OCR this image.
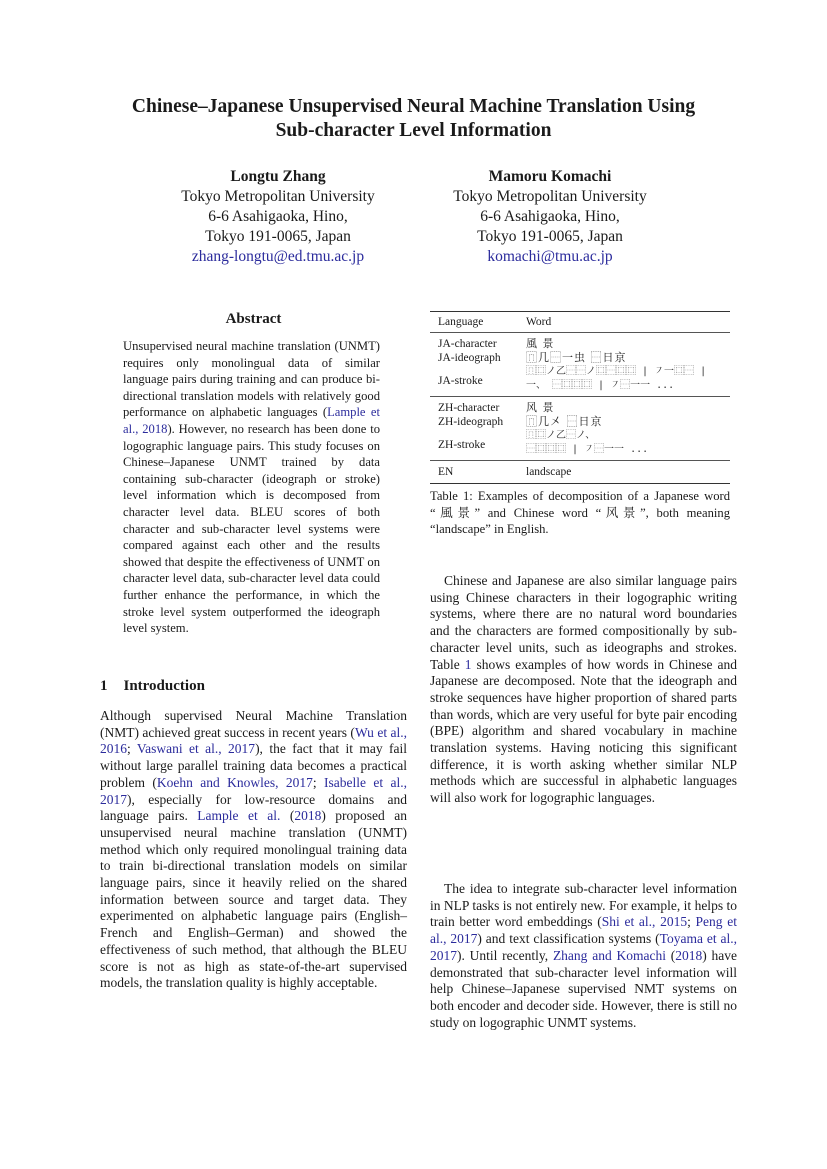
Chinese–Japanese Unsupervised Neural Machine Translation Using
Sub-character Level Information
Longtu Zhang
Tokyo Metropolitan University
6-6 Asahigaoka, Hino,
Tokyo 191-0065, Japan
zhang-longtu@ed.tmu.ac.jp
Mamoru Komachi
Tokyo Metropolitan University
6-6 Asahigaoka, Hino,
Tokyo 191-0065, Japan
komachi@tmu.ac.jp
Abstract
Unsupervised neural machine translation (UNMT) requires only monolingual data of similar language pairs during training and can produce bi-directional translation models with relatively good performance on alphabetic languages (Lample et al., 2018). However, no research has been done to logographic language pairs. This study focuses on Chinese–Japanese UNMT trained by data containing sub-character (ideograph or stroke) level information which is decomposed from character level data. BLEU scores of both character and sub-character level systems were compared against each other and the results showed that despite the effectiveness of UNMT on character level data, sub-character level data could further enhance the performance, in which the stroke level system outperformed the ideograph level system.
1 Introduction

Although supervised Neural Machine Translation (NMT) achieved great success in recent years (Wu et al., 2016; Vaswani et al., 2017), the fact that it may fail without large parallel training data becomes a practical problem (Koehn and Knowles, 2017; Isabelle et al., 2017), especially for low-resource domains and language pairs. Lample et al. (2018) proposed an unsupervised neural machine translation (UNMT) method which only required monolingual training data to train bi-directional translation models on similar language pairs, since it heavily relied on the shared information between source and target data. They experimented on alphabetic language pairs (English–French and English–German) and showed the effectiveness of such method, that although the BLEU score is not as high as state-of-the-art supervised models, the translation quality is highly acceptable.

Language	Word
JA-character	風 景
JA-ideograph	⿵几⿱一虫 ⿱日京
JA-stroke	⿵⿴ノ乙⿱⿱ノ⿴⿱⿴⿴ | ㇇一⿴⿱ |
	一、 ⿱⿴⿴⿴ | ㇇⿱一一 ...
ZH-character	风 景
ZH-ideograph	⿵几㐅 ⿱日京
ZH-stroke	⿵⿴ノ乙⿱ノ、
	⿱⿴⿴⿴ | ㇇⿱一一 ...
EN	landscape
Table 1: Examples of decomposition of a Japanese word “風景” and Chinese word “风景”, both meaning “landscape” in English.

Chinese and Japanese are also similar language pairs using Chinese characters in their logographic writing systems, where there are no natural word boundaries and the characters are formed compositionally by sub-character level units, such as ideographs and strokes. Table 1 shows examples of how words in Chinese and Japanese are decomposed. Note that the ideograph and stroke sequences have higher proportion of shared parts than words, which are very useful for byte pair encoding (BPE) algorithm and shared vocabulary in machine translation systems. Having noticing this significant difference, it is worth asking whether similar NLP methods which are successful in alphabetic languages will also work for logographic languages.

The idea to integrate sub-character level information in NLP tasks is not entirely new. For example, it helps to train better word embeddings (Shi et al., 2015; Peng et al., 2017) and text classification systems (Toyama et al., 2017). Until recently, Zhang and Komachi (2018) have demonstrated that sub-character level information will help Chinese–Japanese supervised NMT systems on both encoder and decoder side. However, there is still no study on logographic UNMT systems.
